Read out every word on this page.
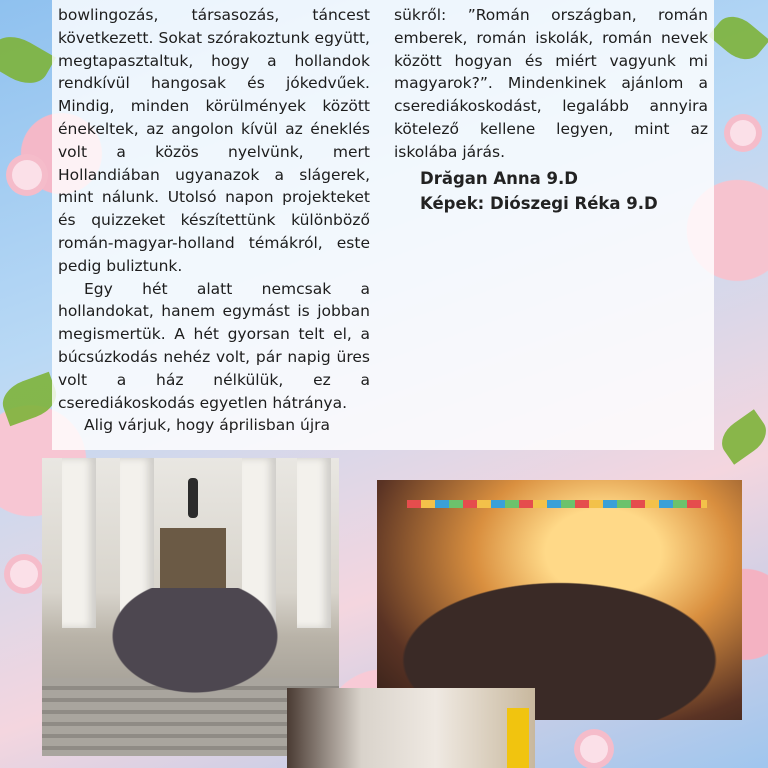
bowlingozás, társasozás, táncest következett. Sokat szórakoztunk együtt, megtapasztaltuk, hogy a hollandok rendkívül hangosak és jókedvűek. Mindig, minden körülmények között énekeltek, az angolon kívül az éneklés volt a közös nyelvünk, mert Hollandiában ugyanazok a slágerek, mint nálunk. Utolsó napon projekteket és quizzeket készítettünk különböző román-magyar-holland témákról, este pedig buliztunk.

Egy hét alatt nemcsak a hollandokat, hanem egymást is jobban megismertük. A hét gyorsan telt el, a búcsúzkodás nehéz volt, pár napig üres volt a ház nélkülük, ez a cserediákoskodás egyetlen hátránya.

Alig várjuk, hogy áprilisban újra

sükről: ”Román országban, román emberek, román iskolák, román nevek között hogyan és miért vagyunk mi magyarok?”. Mindenkinek ajánlom a cserediákoskodást, legalább annyira kötelező kellene legyen, mint az iskolába járás.

Drăgan Anna 9.D
Képek: Diószegi Réka 9.D
